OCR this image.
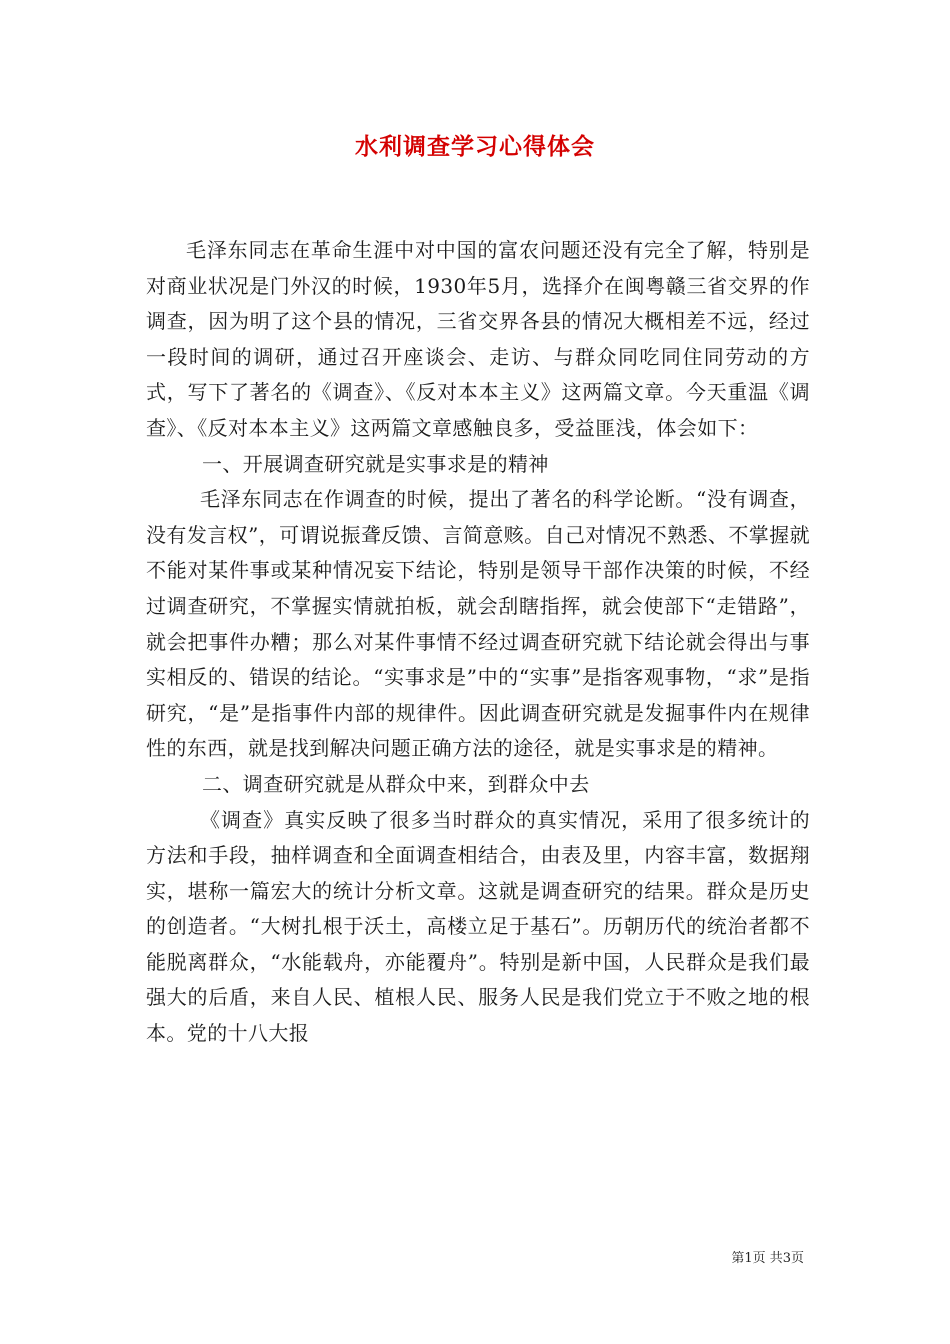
水利调查学习心得体会

毛泽东同志在革命生涯中对中国的富农问题还没有完全了解，特别是对商业状况是门外汉的时候，1930年5月，选择介在闽粤赣三省交界的作调查，因为明了这个县的情况，三省交界各县的情况大概相差不远，经过一段时间的调研，通过召开座谈会、走访、与群众同吃同住同劳动的方式，写下了著名的《调查》、《反对本本主义》这两篇文章。今天重温《调查》、《反对本本主义》这两篇文章感触良多，受益匪浅，体会如下：

一、开展调查研究就是实事求是的精神

毛泽东同志在作调查的时候，提出了著名的科学论断。“没有调查，没有发言权”，可谓说振聋反馈、言简意赅。自己对情况不熟悉、不掌握就不能对某件事或某种情况妄下结论，特别是领导干部作决策的时候，不经过调查研究，不掌握实情就拍板，就会刮瞎指挥，就会使部下“走错路”，就会把事件办糟；那么对某件事情不经过调查研究就下结论就会得出与事实相反的、错误的结论。“实事求是”中的“实事”是指客观事物，“求”是指研究，“是”是指事件内部的规律件。因此调查研究就是发掘事件内在规律性的东西，就是找到解决问题正确方法的途径，就是实事求是的精神。

二、调查研究就是从群众中来，到群众中去

《调查》真实反映了很多当时群众的真实情况，采用了很多统计的方法和手段，抽样调查和全面调查相结合，由表及里，内容丰富，数据翔实，堪称一篇宏大的统计分析文章。这就是调查研究的结果。群众是历史的创造者。“大树扎根于沃土，高楼立足于基石”。历朝历代的统治者都不能脱离群众，“水能载舟，亦能覆舟”。特别是新中国，人民群众是我们最强大的后盾，来自人民、植根人民、服务人民是我们党立于不败之地的根本。党的十八大报

第1页 共3页
